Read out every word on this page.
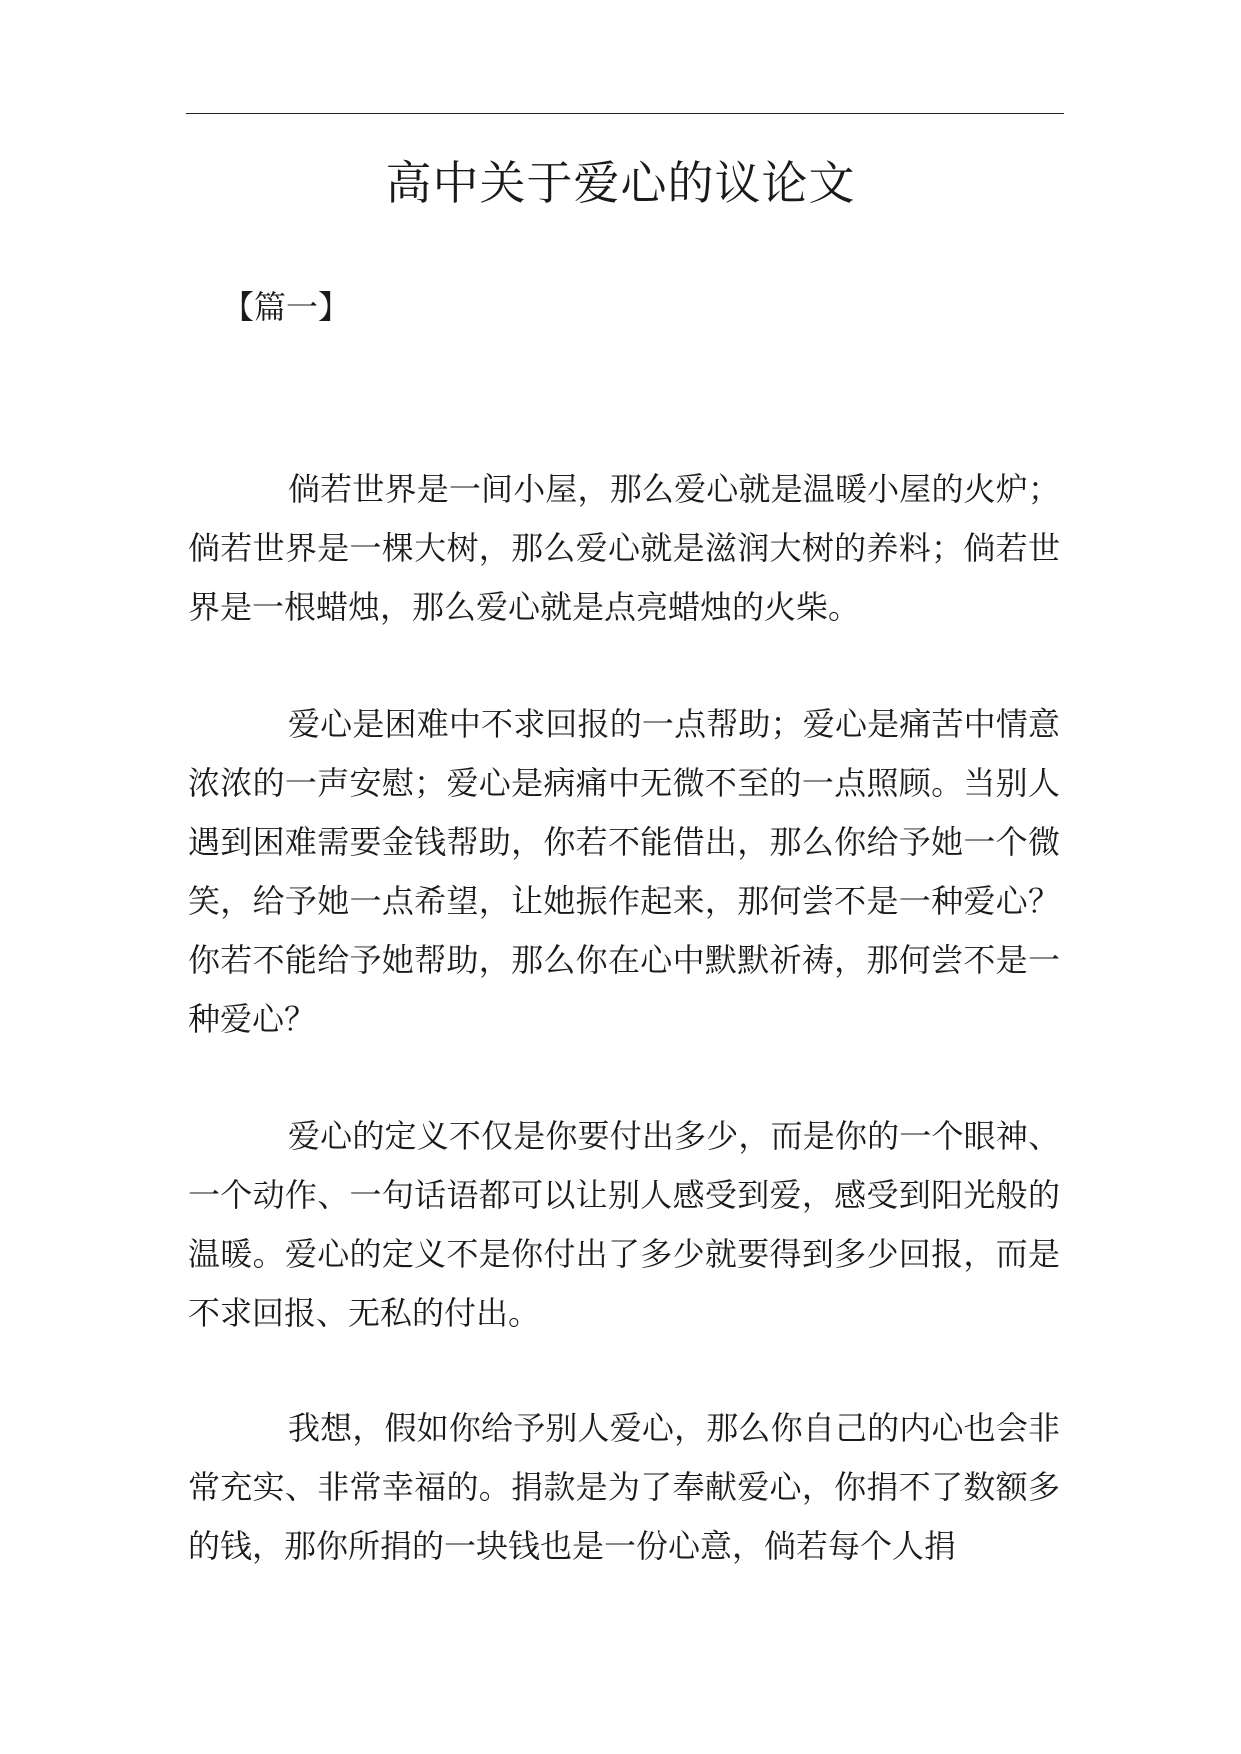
高中关于爱心的议论文
【篇一】

倘若世界是一间小屋，那么爱心就是温暖小屋的火炉；倘若世界是一棵大树，那么爱心就是滋润大树的养料；倘若世界是一根蜡烛，那么爱心就是点亮蜡烛的火柴。

爱心是困难中不求回报的一点帮助；爱心是痛苦中情意浓浓的一声安慰；爱心是病痛中无微不至的一点照顾。当别人遇到困难需要金钱帮助，你若不能借出，那么你给予她一个微笑，给予她一点希望，让她振作起来，那何尝不是一种爱心？你若不能给予她帮助，那么你在心中默默祈祷，那何尝不是一种爱心？

爱心的定义不仅是你要付出多少，而是你的一个眼神、一个动作、一句话语都可以让别人感受到爱，感受到阳光般的温暖。爱心的定义不是你付出了多少就要得到多少回报，而是不求回报、无私的付出。

我想，假如你给予别人爱心，那么你自己的内心也会非常充实、非常幸福的。捐款是为了奉献爱心，你捐不了数额多的钱，那你所捐的一块钱也是一份心意，倘若每个人捐
